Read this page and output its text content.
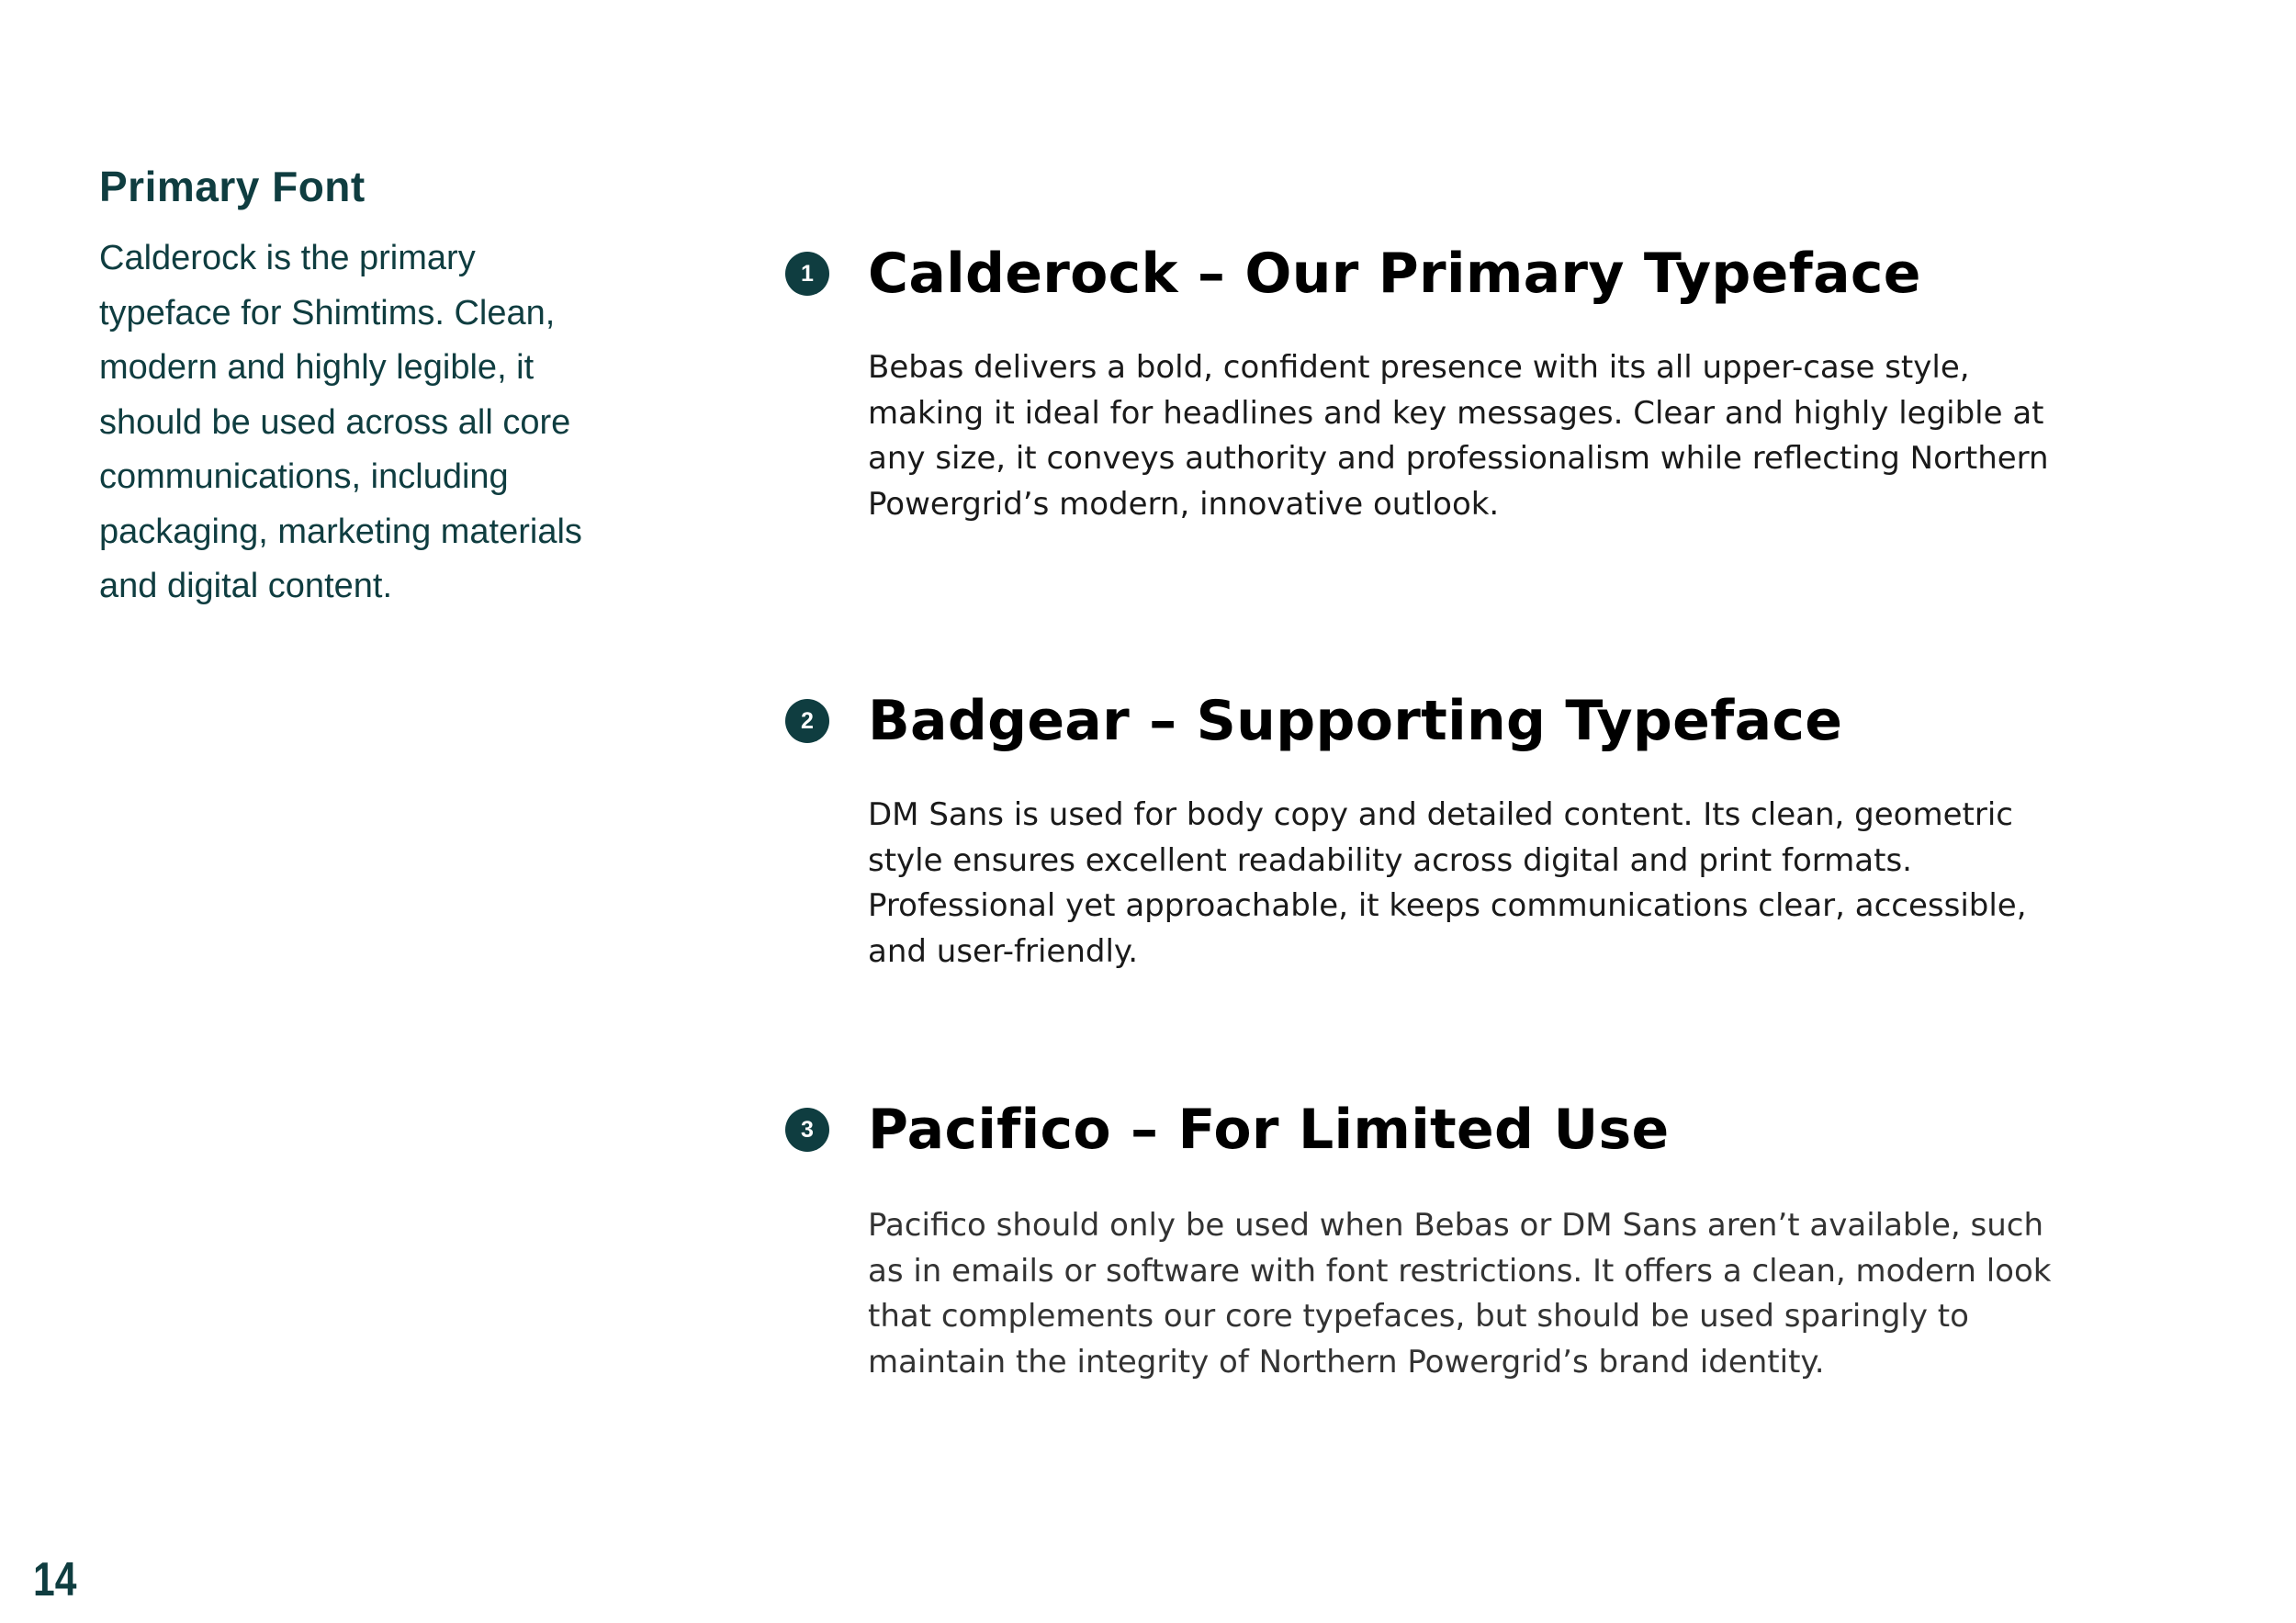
Primary Font
Calderock is the primary typeface for Shimtims. Clean, modern and highly legible, it should be used across all core communications, including packaging, marketing materials and digital content.
1 Calderock – Our Primary Typeface
Bebas delivers a bold, confident presence with its all upper-case style, making it ideal for headlines and key messages. Clear and highly legible at any size, it conveys authority and professionalism while reflecting Northern Powergrid’s modern, innovative outlook.
2 Badgear – Supporting Typeface
DM Sans is used for body copy and detailed content. Its clean, geometric style ensures excellent readability across digital and print formats. Professional yet approachable, it keeps communications clear, accessible, and user-friendly.
3 Pacifico – For Limited Use
Pacifico should only be used when Bebas or DM Sans aren’t available, such as in emails or software with font restrictions. It offers a clean, modern look that complements our core typefaces, but should be used sparingly to maintain the integrity of Northern Powergrid’s brand identity.
14
